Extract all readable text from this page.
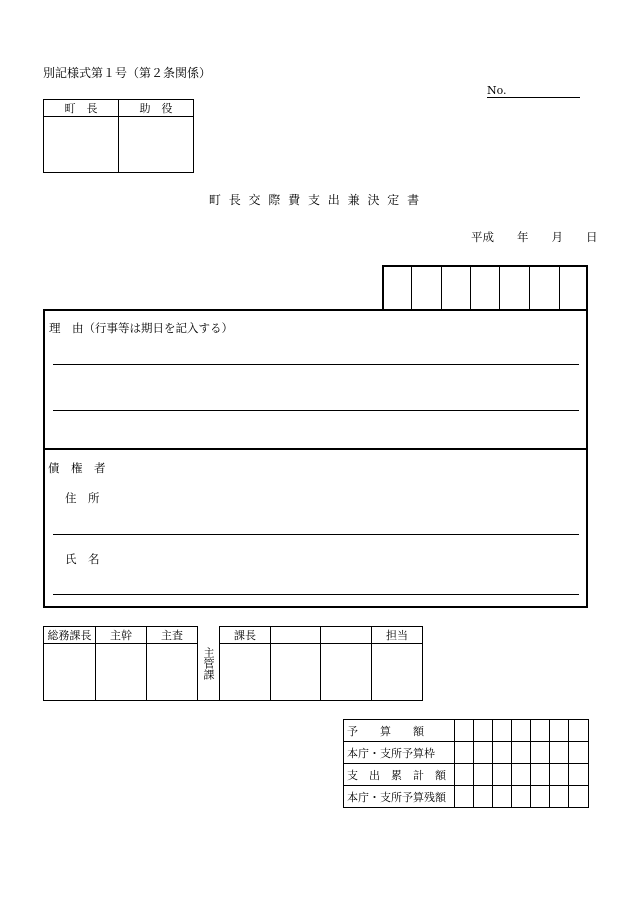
別記様式第１号（第２条関係）
No.
町　長	助　役

町 長 交 際 費 支 出 兼 決 定 書
平成　　年　　月　　日
理　由（行事等は期日を記入する）
債　権　者
住　所
氏　名
総務課長	主幹	主査	主管課	課長			担当

予　　算　　額							
本庁・支所予算枠							
支　出　累　計　額							
本庁・支所予算残額							
